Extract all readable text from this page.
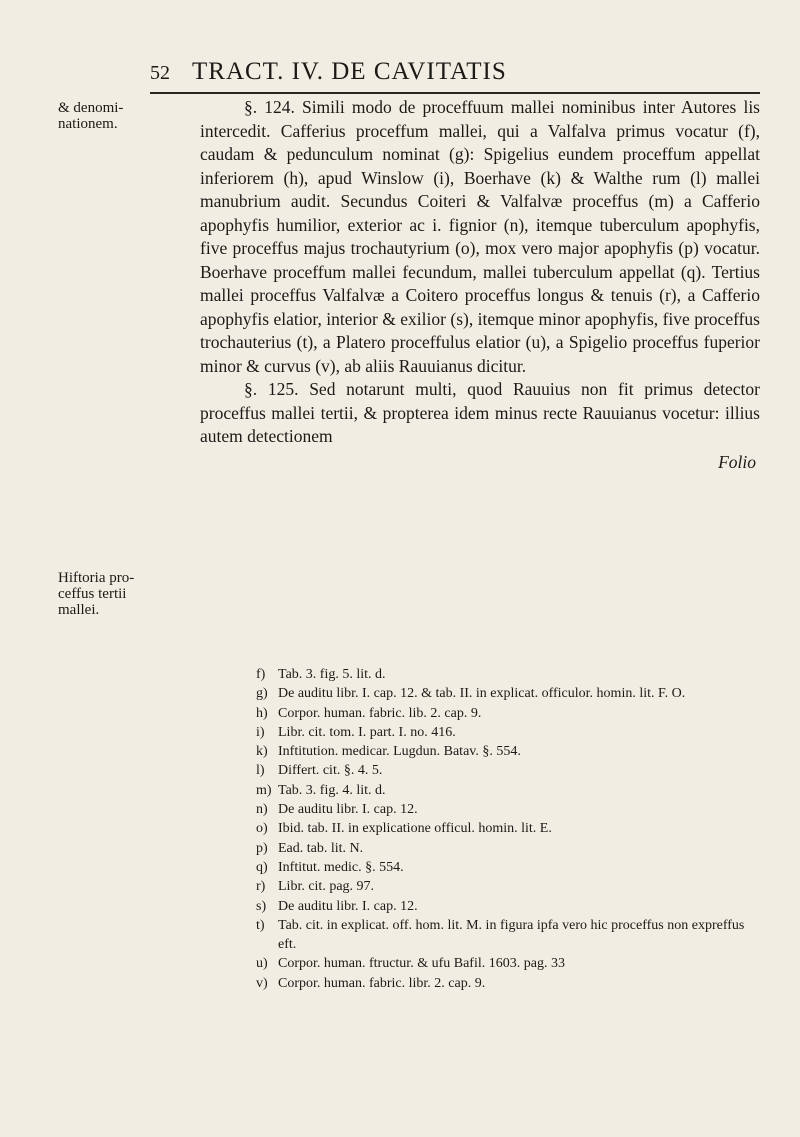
52 TRACT. IV. DE CAVITATIS
& denomi-nationem.
Hiftoria pro-ceffus tertii mallei.

§. 124. Simili modo de proceffuum mallei nominibus inter Autores lis intercedit. Cafferius proceffum mallei, qui a Valfalva primus vocatur (f), caudam & pedunculum nominat (g): Spigelius eundem proceffum appellat inferiorem (h), apud Winslow (i), Boerhave (k) & Walthe rum (l) mallei manubrium audit. Secundus Coiteri & Valfalvæ proceffus (m) a Cafferio apophyfis humilior, exterior ac i. fignior (n), itemque tuberculum apophyfis, five proceffus majus trochautyrium (o), mox vero major apophyfis (p) vocatur. Boerhave proceffum mallei fecundum, mallei tuberculum appellat (q). Tertius mallei proceffus Valfalvæ a Coitero proceffus longus & tenuis (r), a Cafferio apophyfis elatior, interior & exilior (s), itemque minor apophyfis, five proceffus trochauterius (t), a Platero proceffulus elatior (u), a Spigelio proceffus fuperior minor & curvus (v), ab aliis Rauuianus dicitur.

§. 125. Sed notarunt multi, quod Rauuius non fit primus detector proceffus mallei tertii, & propterea idem minus recte Rauuianus vocetur: illius autem detectionem

Folio

f) Tab. 3. fig. 5. lit. d.

g) De auditu libr. I. cap. 12. & tab. II. in explicat. officulor. homin. lit. F. O.

h) Corpor. human. fabric. lib. 2. cap. 9.

i) Libr. cit. tom. I. part. I. no. 416.

k) Inftitution. medicar. Lugdun. Batav. §. 554.

l) Differt. cit. §. 4. 5.

m) Tab. 3. fig. 4. lit. d.

n) De auditu libr. I. cap. 12.

o) Ibid. tab. II. in explicatione officul. homin. lit. E.

p) Ead. tab. lit. N.

q) Inftitut. medic. §. 554.

r) Libr. cit. pag. 97.

s) De auditu libr. I. cap. 12.

t) Tab. cit. in explicat. off. hom. lit. M. in figura ipfa vero hic proceffus non expreffus eft.

u) Corpor. human. ftructur. & ufu Bafil. 1603. pag. 33

v) Corpor. human. fabric. libr. 2. cap. 9.
